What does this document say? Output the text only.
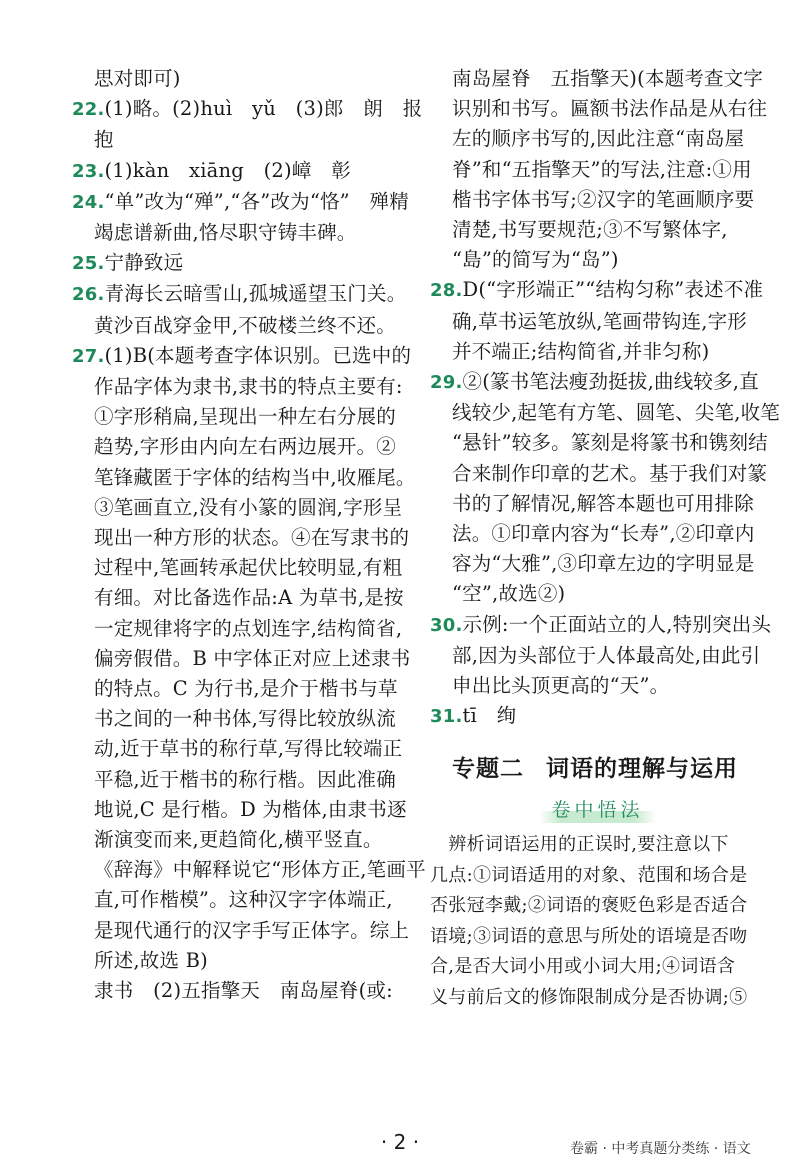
思对即可)
22.(1)略。(2)huì　yǔ　(3)郎　朗　报
抱
23.(1)kàn　xiāng　(2)嶂　彰
24.“单”改为“殚”,“各”改为“恪”　殚精
竭虑谱新曲,恪尽职守铸丰碑。
25.宁静致远
26.青海长云暗雪山,孤城遥望玉门关。
黄沙百战穿金甲,不破楼兰终不还。
27.(1)B(本题考查字体识别。已选中的
作品字体为隶书,隶书的特点主要有:
①字形稍扁,呈现出一种左右分展的
趋势,字形由内向左右两边展开。②
笔锋藏匿于字体的结构当中,收雁尾。
③笔画直立,没有小篆的圆润,字形呈
现出一种方形的状态。④在写隶书的
过程中,笔画转承起伏比较明显,有粗
有细。对比备选作品:A 为草书,是按
一定规律将字的点划连字,结构简省,
偏旁假借。B 中字体正对应上述隶书
的特点。C 为行书,是介于楷书与草
书之间的一种书体,写得比较放纵流
动,近于草书的称行草,写得比较端正
平稳,近于楷书的称行楷。因此准确
地说,C 是行楷。D 为楷体,由隶书逐
渐演变而来,更趋简化,横平竖直。
《辞海》中解释说它“形体方正,笔画平
直,可作楷模”。这种汉字字体端正,
是现代通行的汉字手写正体字。综上
所述,故选 B)
隶书　(2)五指擎天　南岛屋脊(或:
南岛屋脊　五指擎天)(本题考查文字
识别和书写。匾额书法作品是从右往
左的顺序书写的,因此注意“南岛屋
脊”和“五指擎天”的写法,注意:①用
楷书字体书写;②汉字的笔画顺序要
清楚,书写要规范;③不写繁体字,
“島”的简写为“岛”)
28.D(“字形端正”“结构匀称”表述不准
确,草书运笔放纵,笔画带钩连,字形
并不端正;结构简省,并非匀称)
29.②(篆书笔法瘦劲挺拔,曲线较多,直
线较少,起笔有方笔、圆笔、尖笔,收笔
“悬针”较多。篆刻是将篆书和镌刻结
合来制作印章的艺术。基于我们对篆
书的了解情况,解答本题也可用排除
法。①印章内容为“长寿”,②印章内
容为“大雅”,③印章左边的字明显是
“空”,故选②)
30.示例:一个正面站立的人,特别突出头
部,因为头部位于人体最高处,由此引
申出比头顶更高的“天”。
31.tī　绚
专题二 词语的理解与运用
卷中悟法
　辨析词语运用的正误时,要注意以下
几点:①词语适用的对象、范围和场合是
否张冠李戴;②词语的褒贬色彩是否适合
语境;③词语的意思与所处的语境是否吻
合,是否大词小用或小词大用;④词语含
义与前后文的修饰限制成分是否协调;⑤
· 2 ·	卷霸 · 中考真题分类练 · 语文
